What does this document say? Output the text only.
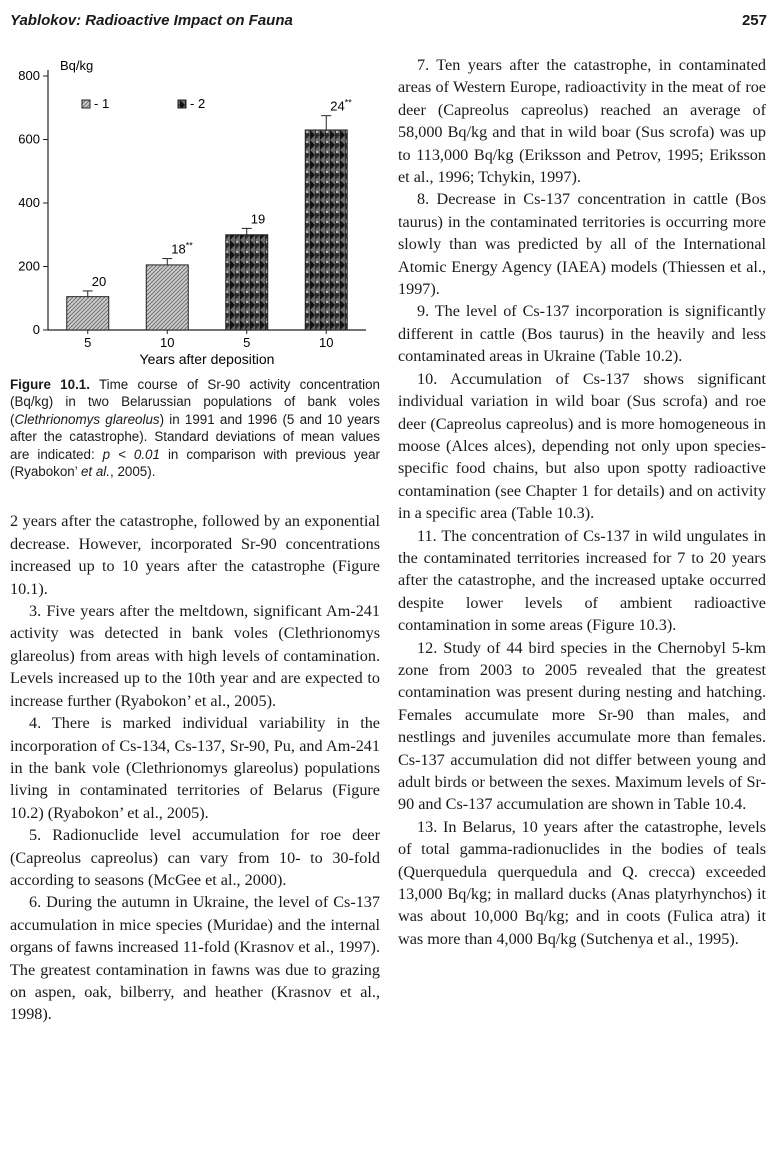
Yablokov: Radioactive Impact on Fauna	257
0
200
400
600
800
Bq/kg
- 1	- 2
20
5
18**
10
19
5
24**
10
Years after deposition
Figure 10.1. Time course of Sr-90 activity concentration (Bq/kg) in two Belarussian populations of bank voles (Clethrionomys glareolus) in 1991 and 1996 (5 and 10 years after the catastrophe). Standard deviations of mean values are indicated: p < 0.01 in comparison with previous year (Ryabokon’ et al., 2005).

2 years after the catastrophe, followed by an exponential decrease. However, incorporated Sr-90 concentrations increased up to 10 years after the catastrophe (Figure 10.1).

3. Five years after the meltdown, significant Am-241 activity was detected in bank voles (Clethrionomys glareolus) from areas with high levels of contamination. Levels increased up to the 10th year and are expected to increase further (Ryabokon’ et al., 2005).

4. There is marked individual variability in the incorporation of Cs-134, Cs-137, Sr-90, Pu, and Am-241 in the bank vole (Clethrionomys glareolus) populations living in contaminated territories of Belarus (Figure 10.2) (Ryabokon’ et al., 2005).

5. Radionuclide level accumulation for roe deer (Capreolus capreolus) can vary from 10- to 30-fold according to seasons (McGee et al., 2000).

6. During the autumn in Ukraine, the level of Cs-137 accumulation in mice species (Muridae) and the internal organs of fawns increased 11-fold (Krasnov et al., 1997). The greatest contamination in fawns was due to grazing on aspen, oak, bilberry, and heather (Krasnov et al., 1998).

7. Ten years after the catastrophe, in contaminated areas of Western Europe, radioactivity in the meat of roe deer (Capreolus capreolus) reached an average of 58,000 Bq/kg and that in wild boar (Sus scrofa) was up to 113,000 Bq/kg (Eriksson and Petrov, 1995; Eriksson et al., 1996; Tchykin, 1997).

8. Decrease in Cs-137 concentration in cattle (Bos taurus) in the contaminated territories is occurring more slowly than was predicted by all of the International Atomic Energy Agency (IAEA) models (Thiessen et al., 1997).

9. The level of Cs-137 incorporation is significantly different in cattle (Bos taurus) in the heavily and less contaminated areas in Ukraine (Table 10.2).

10. Accumulation of Cs-137 shows significant individual variation in wild boar (Sus scrofa) and roe deer (Capreolus capreolus) and is more homogeneous in moose (Alces alces), depending not only upon species-specific food chains, but also upon spotty radioactive contamination (see Chapter 1 for details) and on activity in a specific area (Table 10.3).

11. The concentration of Cs-137 in wild ungulates in the contaminated territories increased for 7 to 20 years after the catastrophe, and the increased uptake occurred despite lower levels of ambient radioactive contamination in some areas (Figure 10.3).

12. Study of 44 bird species in the Chernobyl 5-km zone from 2003 to 2005 revealed that the greatest contamination was present during nesting and hatching. Females accumulate more Sr-90 than males, and nestlings and juveniles accumulate more than females. Cs-137 accumulation did not differ between young and adult birds or between the sexes. Maximum levels of Sr-90 and Cs-137 accumulation are shown in Table 10.4.

13. In Belarus, 10 years after the catastrophe, levels of total gamma-radionuclides in the bodies of teals (Querquedula querquedula and Q. crecca) exceeded 13,000 Bq/kg; in mallard ducks (Anas platyrhynchos) it was about 10,000 Bq/kg; and in coots (Fulica atra) it was more than 4,000 Bq/kg (Sutchenya et al., 1995).
